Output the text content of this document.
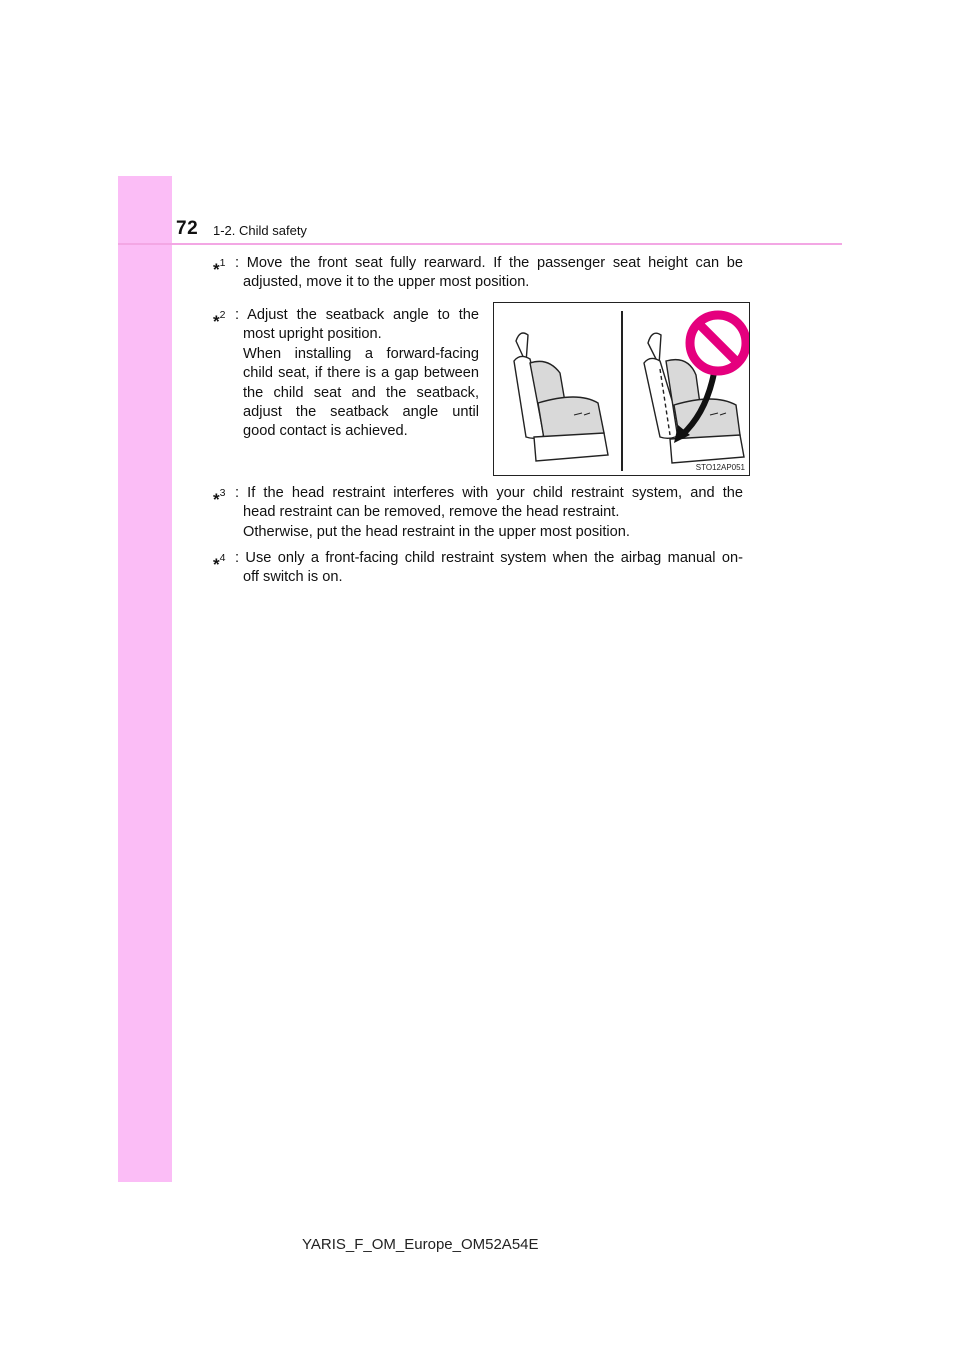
72 1-2. Child safety
*$^1$ : Move the front seat fully rearward. If the passenger seat height can be
adjusted, move it to the upper most position.
*$^2$ : Adjust the seatback angle to the
most upright position.
When installing a forward-facing
child seat, if there is a gap between
the child seat and the seatback,
adjust the seatback angle until
good contact is achieved.
STO12AP051
*$^3$ : If the head restraint interferes with your child restraint system, and the
head restraint can be removed, remove the head restraint.
Otherwise, put the head restraint in the upper most position.
*$^4$ : Use only a front-facing child restraint system when the airbag manual on-
off switch is on.
YARIS_F_OM_Europe_OM52A54E
